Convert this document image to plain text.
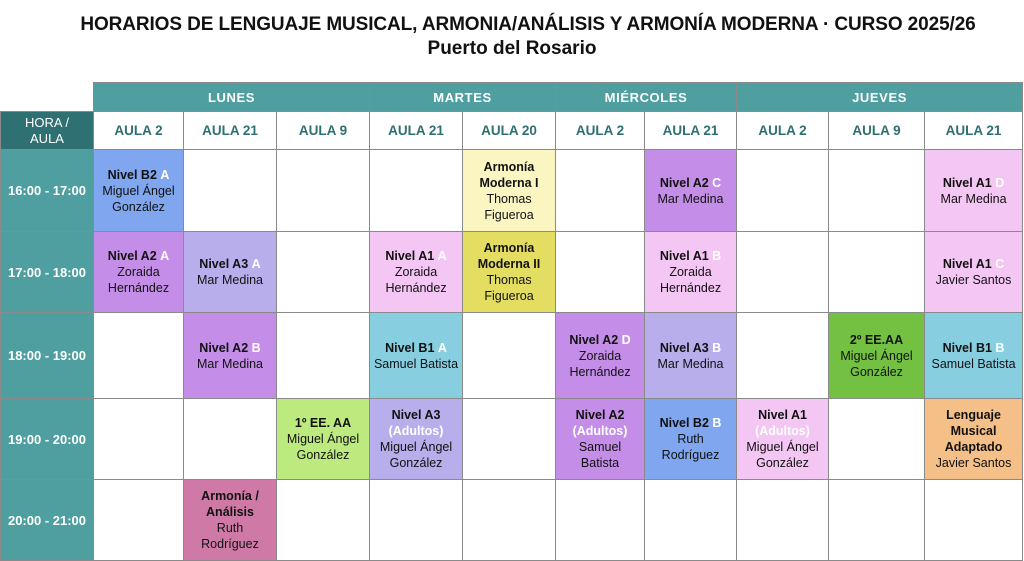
HORARIOS DE LENGUAJE MUSICAL, ARMONIA/ANÁLISIS Y ARMONÍA MODERNA · CURSO 2025/26
Puerto del Rosario
	LUNES			MARTES		MIÉRCOLES		JUEVES		
HORA /
AULA	AULA 2	AULA 21	AULA 9	AULA 21	AULA 20	AULA 2	AULA 21	AULA 2	AULA 9	AULA 21
16:00 - 17:00	Nivel B2 A
Miguel Ángel
González				Armonía
Moderna I
Thomas
Figueroa		Nivel A2 C
Mar Medina			Nivel A1 D
Mar Medina

17:00 - 18:00	Nivel A2 A
Zoraida
Hernández	Nivel A3 A
Mar Medina		Nivel A1 A
Zoraida
Hernández	Armonía
Moderna II
Thomas
Figueroa		Nivel A1 B
Zoraida
Hernández			Nivel A1 C
Javier Santos

18:00 - 19:00		Nivel A2 B
Mar Medina		Nivel B1 A
Samuel Batista		Nivel A2 D
Zoraida
Hernández	Nivel A3 B
Mar Medina		2º EE.AA
Miguel Ángel
González	Nivel B1 B
Samuel Batista

19:00 - 20:00			1º EE. AA
Miguel Ángel
González	Nivel A3
(Adultos)
Miguel Ángel
González		Nivel A2
(Adultos)
Samuel
Batista	Nivel B2 B
Ruth
Rodríguez	Nivel A1
(Adultos)
Miguel Ángel
González		Lenguaje
Musical
Adaptado
Javier Santos

20:00 - 21:00		Armonía /
Análisis
Ruth
Rodríguez								
